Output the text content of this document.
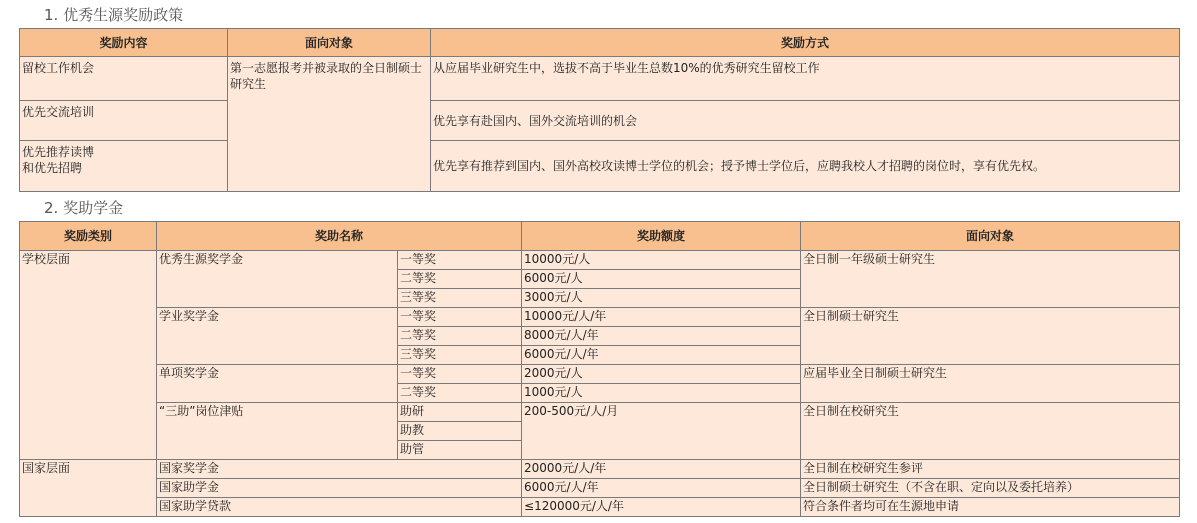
1. 优秀生源奖励政策
奖励内容	面向对象	奖励方式
留校工作机会	第一志愿报考并被录取的全日制硕士研究生	从应届毕业研究生中，选拔不高于毕业生总数10%的优秀研究生留校工作
优先交流培训		优先享有赴国内、国外交流培训的机会

优先推荐读博
和优先招聘		优先享有推荐到国内、国外高校攻读博士学位的机会；授予博士学位后，应聘我校人才招聘的岗位时，享有优先权。
2. 奖助学金
奖励类别	奖助名称		奖助额度	面向对象
学校层面	优秀生源奖学金	一等奖	10000元/人	全日制一年级硕士研究生
		二等奖	6000元/人	
		三等奖	3000元/人	
	学业奖学金	一等奖	10000元/人/年	全日制硕士研究生
		二等奖	8000元/人/年	
		三等奖	6000元/人/年	
	单项奖学金	一等奖	2000元/人	应届毕业全日制硕士研究生
		二等奖	1000元/人	
	“三助”岗位津贴	助研	200-500元/人/月	全日制在校研究生
		助教		
		助管		
国家层面	国家奖学金		20000元/人/年	全日制在校研究生参评
	国家助学金		6000元/人/年	全日制硕士研究生（不含在职、定向以及委托培养）
	国家助学贷款		≤120000元/人/年	符合条件者均可在生源地申请
